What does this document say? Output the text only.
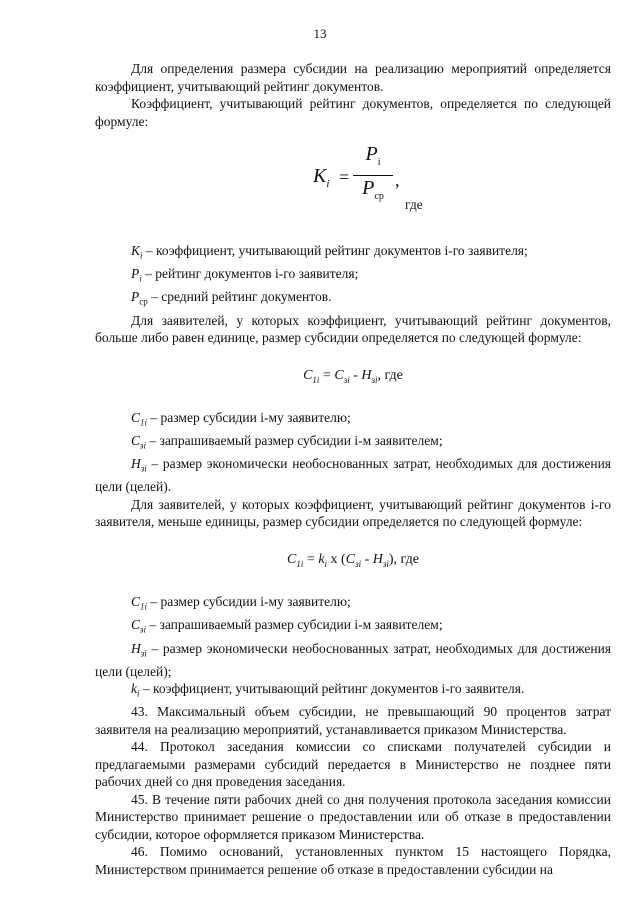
13

Для определения размера субсидии на реализацию мероприятий определяется коэффициент, учитывающий рейтинг документов.

Коэффициент, учитывающий рейтинг документов, определяется по следующей формуле:

$K_i$ =
$P_i$
$P_{ср}$
,
где

$K_i$ – коэффициент, учитывающий рейтинг документов i-го заявителя;

$P_i$ – рейтинг документов i-го заявителя;

$P_{ср}$ – средний рейтинг документов.

Для заявителей, у которых коэффициент, учитывающий рейтинг документов, больше либо равен единице, размер субсидии определяется по следующей формуле:

$C_{1i} = C_{зi} - H_{зi}$, где

$C_{1i}$ – размер субсидии i-му заявителю;

$C_{зi}$ – запрашиваемый размер субсидии i-м заявителем;

$H_{зi}$ – размер экономически необоснованных затрат, необходимых для достижения цели (целей).

Для заявителей, у которых коэффициент, учитывающий рейтинг документов i-го заявителя, меньше единицы, размер субсидии определяется по следующей формуле:

$C_{1i} = k_i$ х $(C_{зi} - H_{зi})$, где

$C_{1i}$ – размер субсидии i-му заявителю;

$C_{зi}$ – запрашиваемый размер субсидии i-м заявителем;

$H_{зi}$ – размер экономически необоснованных затрат, необходимых для достижения цели (целей);

$k_i$ – коэффициент, учитывающий рейтинг документов i-го заявителя.

43. Максимальный объем субсидии, не превышающий 90 процентов затрат заявителя на реализацию мероприятий, устанавливается приказом Министерства.

44. Протокол заседания комиссии со списками получателей субсидии и предлагаемыми размерами субсидий передается в Министерство не позднее пяти рабочих дней со дня проведения заседания.

45. В течение пяти рабочих дней со дня получения протокола заседания комиссии Министерство принимает решение о предоставлении или об отказе в предоставлении субсидии, которое оформляется приказом Министерства.

46. Помимо оснований, установленных пунктом 15 настоящего Порядка, Министерством принимается решение об отказе в предоставлении субсидии на
